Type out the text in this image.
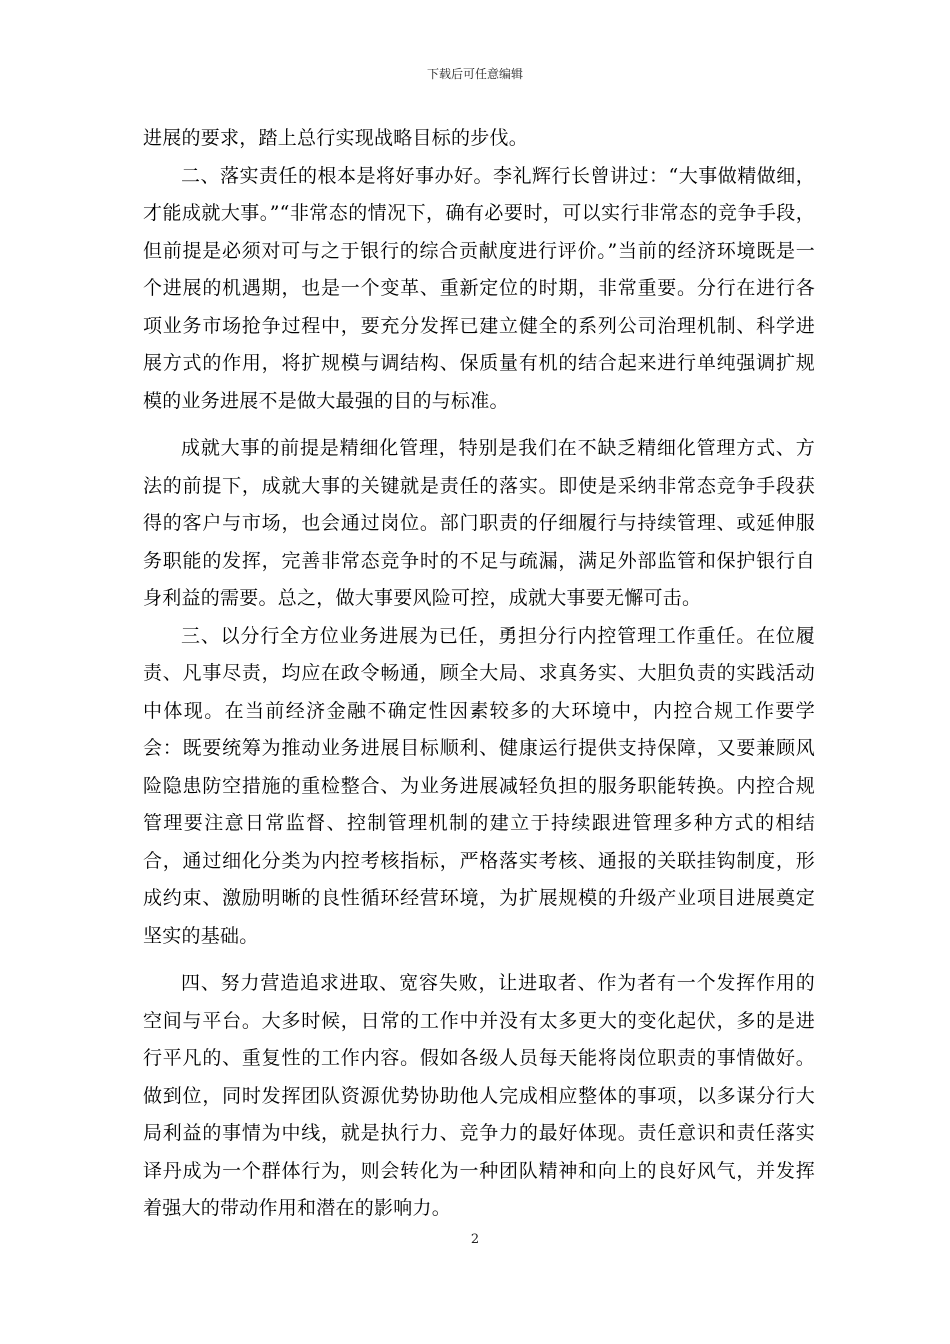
下载后可任意编辑

进展的要求，踏上总行实现战略目标的步伐。

二、落实责任的根本是将好事办好。李礼辉行长曾讲过：“大事做精做细，才能成就大事。”“非常态的情况下，确有必要时，可以实行非常态的竞争手段，但前提是必须对可与之于银行的综合贡献度进行评价。”当前的经济环境既是一个进展的机遇期，也是一个变革、重新定位的时期，非常重要。分行在进行各项业务市场抢争过程中，要充分发挥已建立健全的系列公司治理机制、科学进展方式的作用，将扩规模与调结构、保质量有机的结合起来进行单纯强调扩规模的业务进展不是做大最强的目的与标准。

成就大事的前提是精细化管理，特别是我们在不缺乏精细化管理方式、方法的前提下，成就大事的关键就是责任的落实。即使是采纳非常态竞争手段获得的客户与市场，也会通过岗位。部门职责的仔细履行与持续管理、或延伸服务职能的发挥，完善非常态竞争时的不足与疏漏，满足外部监管和保护银行自身利益的需要。总之，做大事要风险可控，成就大事要无懈可击。

三、以分行全方位业务进展为已任，勇担分行内控管理工作重任。在位履责、凡事尽责，均应在政令畅通，顾全大局、求真务实、大胆负责的实践活动中体现。在当前经济金融不确定性因素较多的大环境中，内控合规工作要学会：既要统筹为推动业务进展目标顺利、健康运行提供支持保障，又要兼顾风险隐患防空措施的重检整合、为业务进展减轻负担的服务职能转换。内控合规管理要注意日常监督、控制管理机制的建立于持续跟进管理多种方式的相结合，通过细化分类为内控考核指标，严格落实考核、通报的关联挂钩制度，形成约束、激励明晰的良性循环经营环境，为扩展规模的升级产业项目进展奠定坚实的基础。

四、努力营造追求进取、宽容失败，让进取者、作为者有一个发挥作用的空间与平台。大多时候，日常的工作中并没有太多更大的变化起伏，多的是进行平凡的、重复性的工作内容。假如各级人员每天能将岗位职责的事情做好。做到位，同时发挥团队资源优势协助他人完成相应整体的事项，以多谋分行大局利益的事情为中线，就是执行力、竞争力的最好体现。责任意识和责任落实译丹成为一个群体行为，则会转化为一种团队精神和向上的良好风气，并发挥着强大的带动作用和潜在的影响力。

2
